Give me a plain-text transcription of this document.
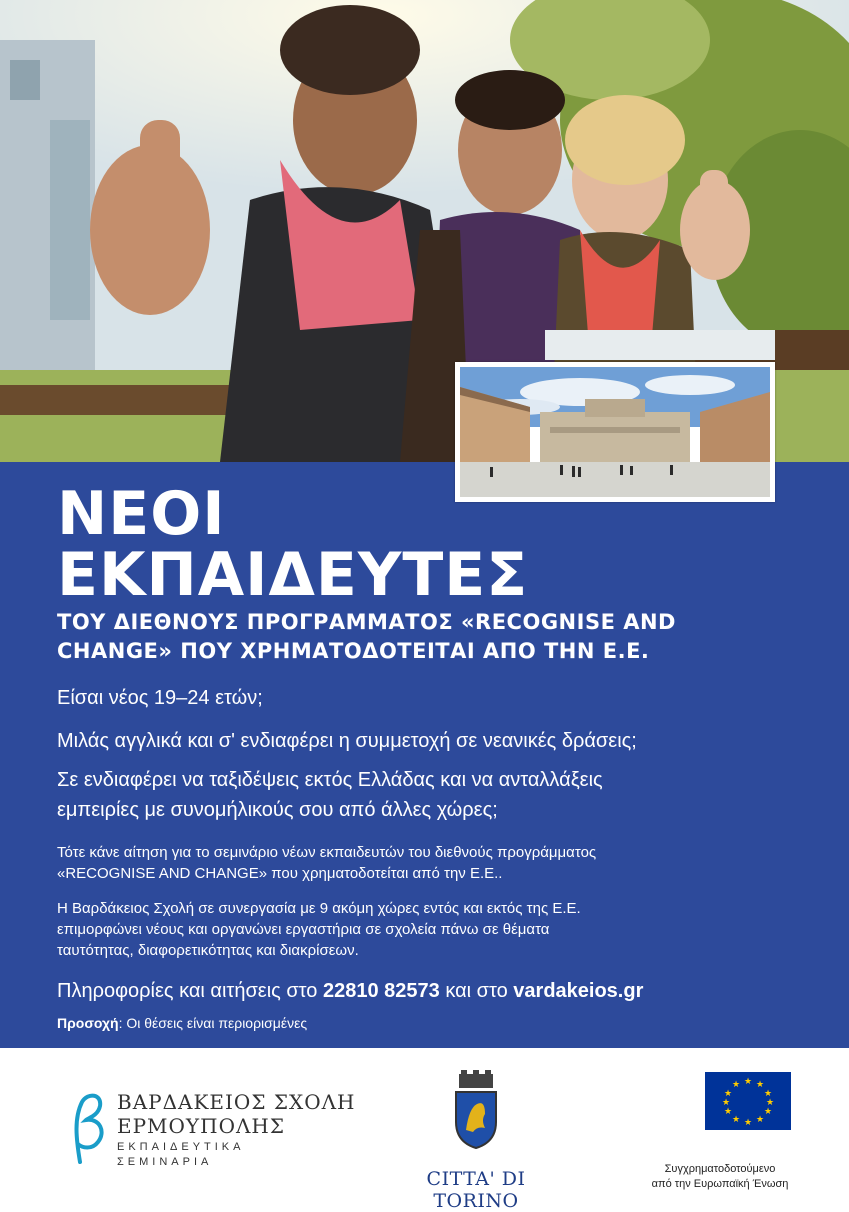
ΝΕΟΙ
ΕΚΠΑΙΔΕΥΤΕΣ
ΤΟΥ ΔΙΕΘΝΟΥΣ ΠΡΟΓΡΑΜΜΑΤΟΣ «RECOGNISE AND
CHANGE» ΠΟΥ ΧΡΗΜΑΤΟΔΟΤΕΙΤΑΙ ΑΠΟ ΤΗΝ Ε.Ε.
Είσαι νέος 19–24 ετών;
Μιλάς αγγλικά και σ' ενδιαφέρει η συμμετοχή σε νεανικές δράσεις;
Σε ενδιαφέρει να ταξιδέψεις εκτός Ελλάδας και να ανταλλάξεις
εμπειρίες με συνομήλικούς σου από άλλες χώρες;
Τότε κάνε αίτηση για το σεμινάριο νέων εκπαιδευτών του διεθνούς προγράμματος
«RECOGNISE AND CHANGE» που χρηματοδοτείται από την Ε.Ε..
Η Βαρδάκειος Σχολή σε συνεργασία με 9 ακόμη χώρες εντός και εκτός της Ε.Ε.
επιμορφώνει νέους και οργανώνει εργαστήρια σε σχολεία πάνω σε θέματα
ταυτότητας, διαφορετικότητας και διακρίσεων.
Πληροφορίες και αιτήσεις στο 22810 82573 και στο vardakeios.gr
Προσοχή: Οι θέσεις είναι περιορισμένες
ΒΑΡΔΑΚΕΙΟΣ ΣΧΟΛΗ
ΕΡΜΟΥΠΟΛΗΣ
ΕΚΠΑΙΔΕΥΤΙΚΑ
ΣΕΜΙΝΑΡΙΑ
CITTA' DI TORINO
★ ★
★
★
★
★
★
★
★
★
★
★
Συγχρηματοδοτούμενο
από την Ευρωπαϊκή Ένωση
